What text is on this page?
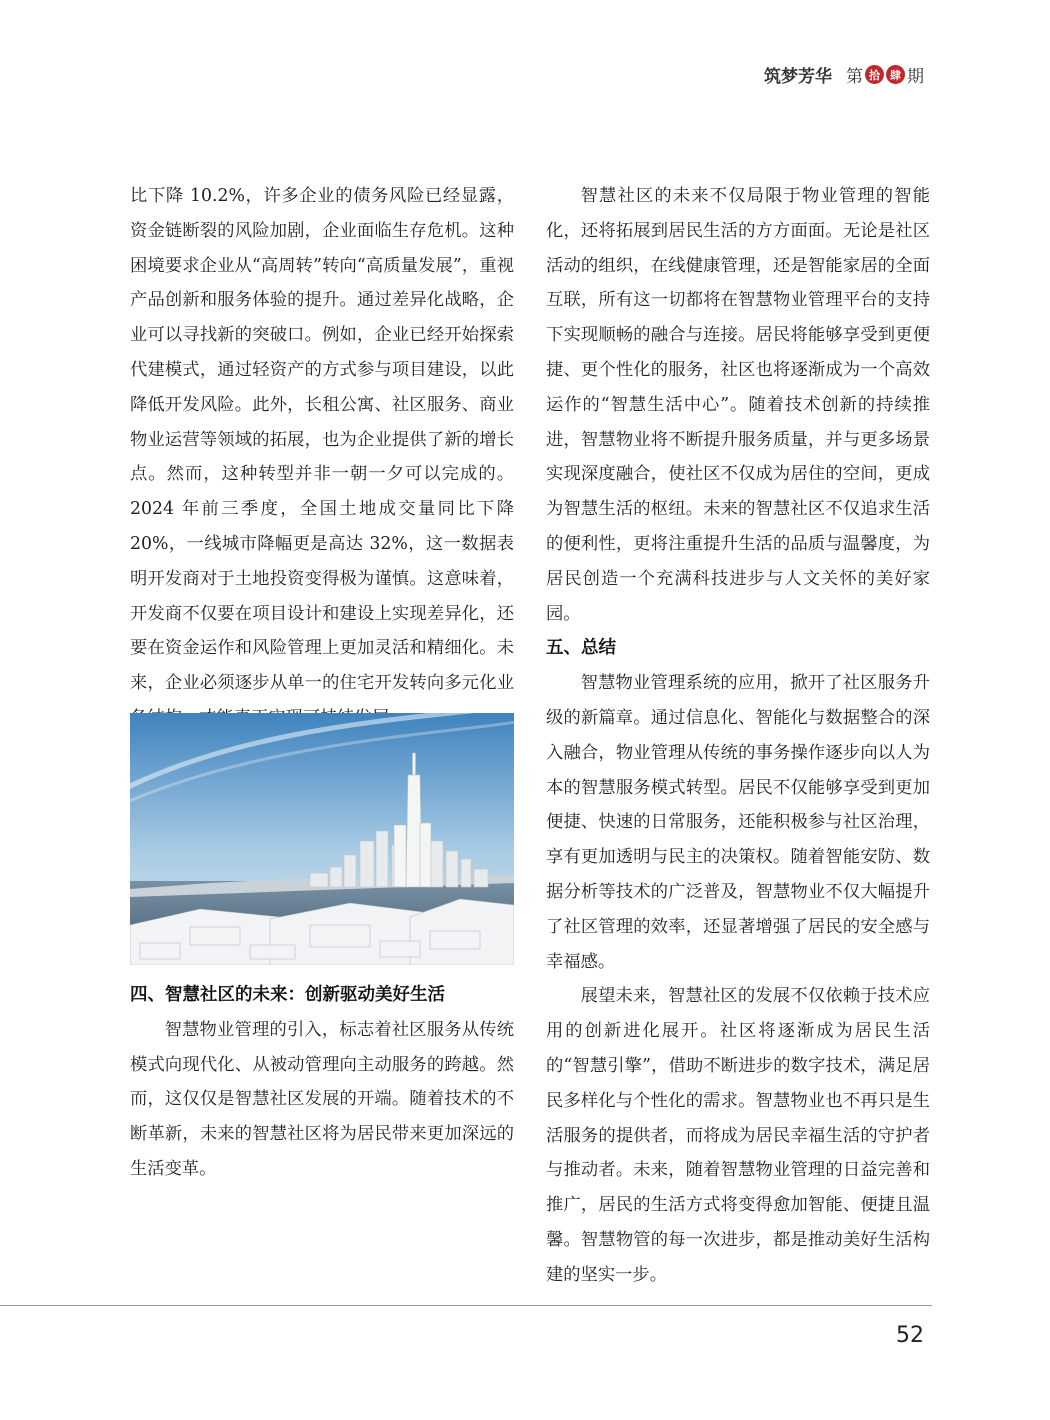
筑梦芳华 第 拾 肆 期

比下降 10.2%，许多企业的债务风险已经显露，资金链断裂的风险加剧，企业面临生存危机。这种困境要求企业从“高周转”转向“高质量发展”，重视产品创新和服务体验的提升。通过差异化战略，企业可以寻找新的突破口。例如，企业已经开始探索代建模式，通过轻资产的方式参与项目建设，以此降低开发风险。此外，长租公寓、社区服务、商业物业运营等领域的拓展，也为企业提供了新的增长点。然而，这种转型并非一朝一夕可以完成的。2024 年前三季度，全国土地成交量同比下降 20%，一线城市降幅更是高达 32%，这一数据表明开发商对于土地投资变得极为谨慎。这意味着，开发商不仅要在项目设计和建设上实现差异化，还要在资金运作和风险管理上更加灵活和精细化。未来，企业必须逐步从单一的住宅开发转向多元化业

四、智慧社区的未来：创新驱动美好生活

智慧物业管理的引入，标志着社区服务从传统模式向现代化、从被动管理向主动服务的跨越。然而，这仅仅是智慧社区发展的开端。随着技术的不断革新，未来的智慧社区将为居民带来更加深远的生活变革。

智慧社区的未来不仅局限于物业管理的智能化，还将拓展到居民生活的方方面面。无论是社区活动的组织，在线健康管理，还是智能家居的全面互联，所有这一切都将在智慧物业管理平台的支持下实现顺畅的融合与连接。居民将能够享受到更便捷、更个性化的服务，社区也将逐渐成为一个高效运作的“智慧生活中心”。随着技术创新的持续推进，智慧物业将不断提升服务质量，并与更多场景实现深度融合，使社区不仅成为居住的空间，更成为智慧生活的枢纽。未来的智慧社区不仅追求生活的便利性，更将注重提升生活的品质与温馨度，为居民创造一个充满科技进步与人文关怀的美好家园。

五、总结

智慧物业管理系统的应用，掀开了社区服务升级的新篇章。通过信息化、智能化与数据整合的深入融合，物业管理从传统的事务操作逐步向以人为本的智慧服务模式转型。居民不仅能够享受到更加便捷、快速的日常服务，还能积极参与社区治理，享有更加透明与民主的决策权。随着智能安防、数据分析等技术的广泛普及，智慧物业不仅大幅提升了社区管理的效率，还显著增强了居民的安全感与幸福感。

展望未来，智慧社区的发展不仅依赖于技术应用的创新进化展开。社区将逐渐成为居民生活的“智慧引擎”，借助不断进步的数字技术，满足居民多样化与个性化的需求。智慧物业也不再只是生活服务的提供者，而将成为居民幸福生活的守护者与推动者。未来，随着智慧物业管理的日益完善和推广，居民的生活方式将变得愈加智能、便捷且温馨。智慧物管的每一次进步，都是推动美好生活构建的坚实一步。

52
